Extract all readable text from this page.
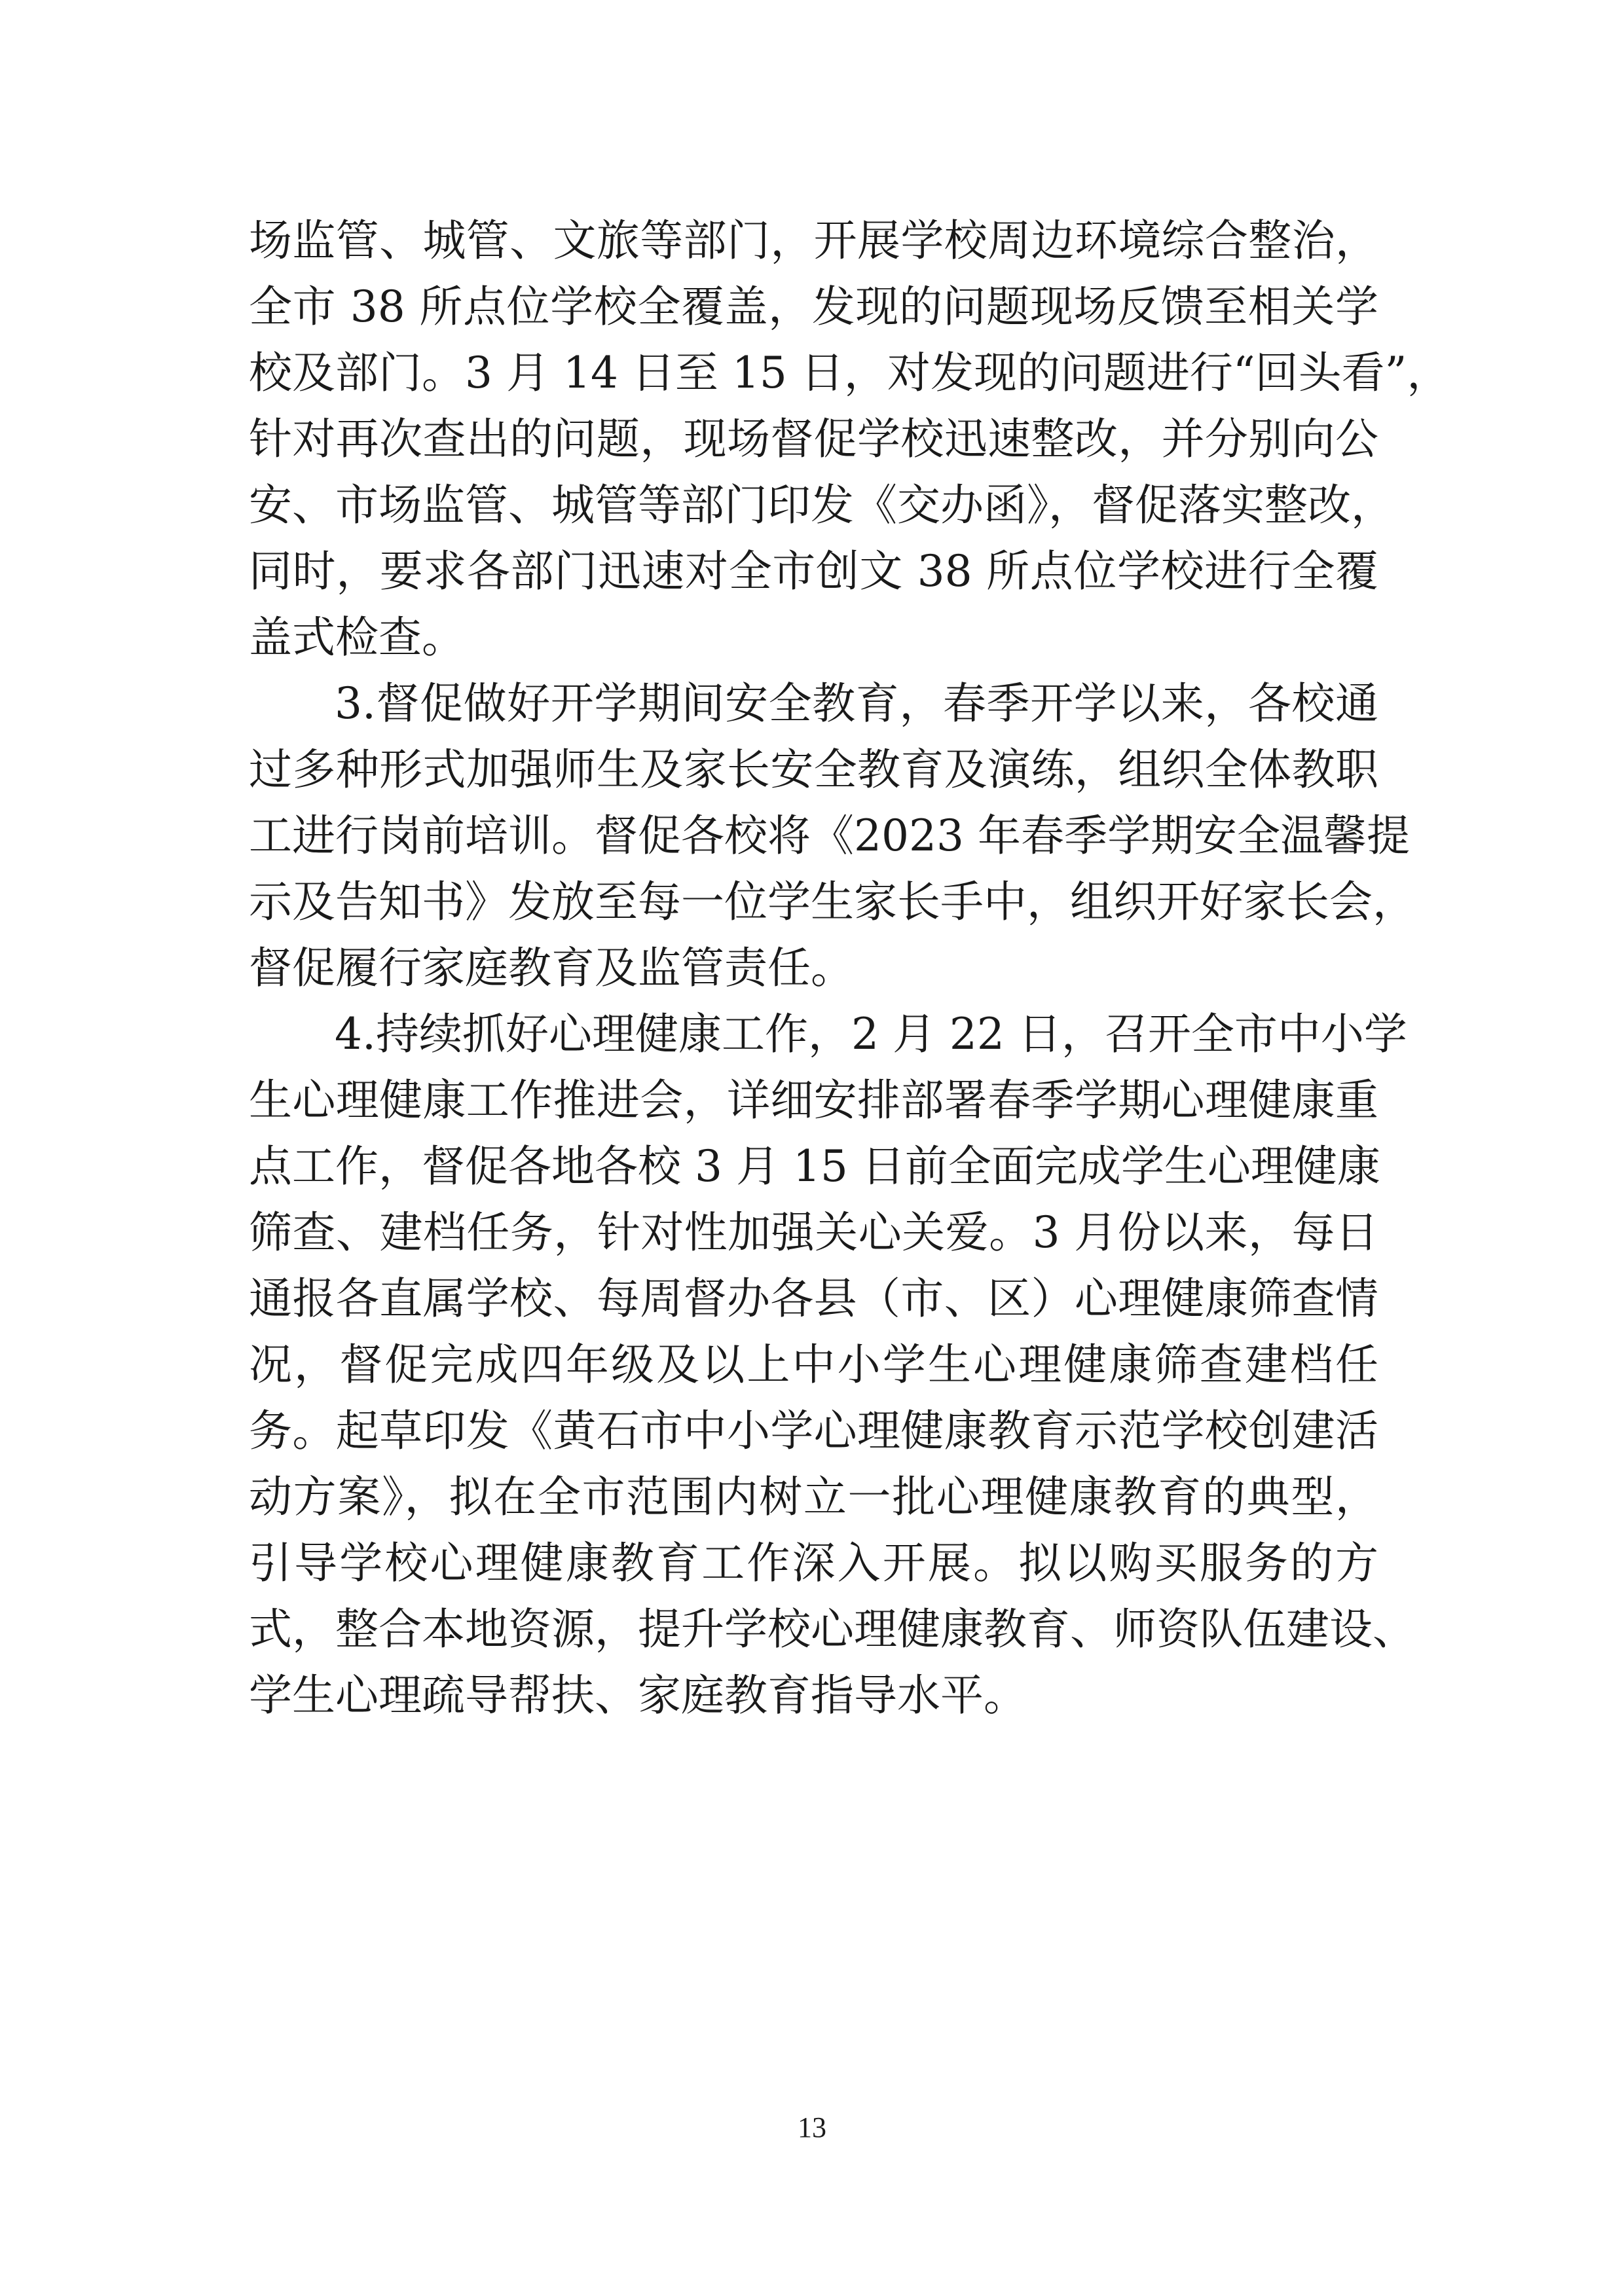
场监管、城管、文旅等部门，开展学校周边环境综合整治，
全市 38 所点位学校全覆盖，发现的问题现场反馈至相关学
校及部门。3 月 14 日至 15 日，对发现的问题进行“回头看”，
针对再次查出的问题，现场督促学校迅速整改，并分别向公
安、市场监管、城管等部门印发《交办函》，督促落实整改，
同时，要求各部门迅速对全市创文 38 所点位学校进行全覆
盖式检查。
3.督促做好开学期间安全教育，春季开学以来，各校通
过多种形式加强师生及家长安全教育及演练，组织全体教职
工进行岗前培训。督促各校将《2023 年春季学期安全温馨提
示及告知书》发放至每一位学生家长手中，组织开好家长会，
督促履行家庭教育及监管责任。
4.持续抓好心理健康工作，2 月 22 日，召开全市中小学
生心理健康工作推进会，详细安排部署春季学期心理健康重
点工作，督促各地各校 3 月 15 日前全面完成学生心理健康
筛查、建档任务，针对性加强关心关爱。3 月份以来，每日
通报各直属学校、每周督办各县（市、区）心理健康筛查情
况，督促完成四年级及以上中小学生心理健康筛查建档任
务。起草印发《黄石市中小学心理健康教育示范学校创建活
动方案》，拟在全市范围内树立一批心理健康教育的典型，
引导学校心理健康教育工作深入开展。拟以购买服务的方
式，整合本地资源，提升学校心理健康教育、师资队伍建设、
学生心理疏导帮扶、家庭教育指导水平。
13
